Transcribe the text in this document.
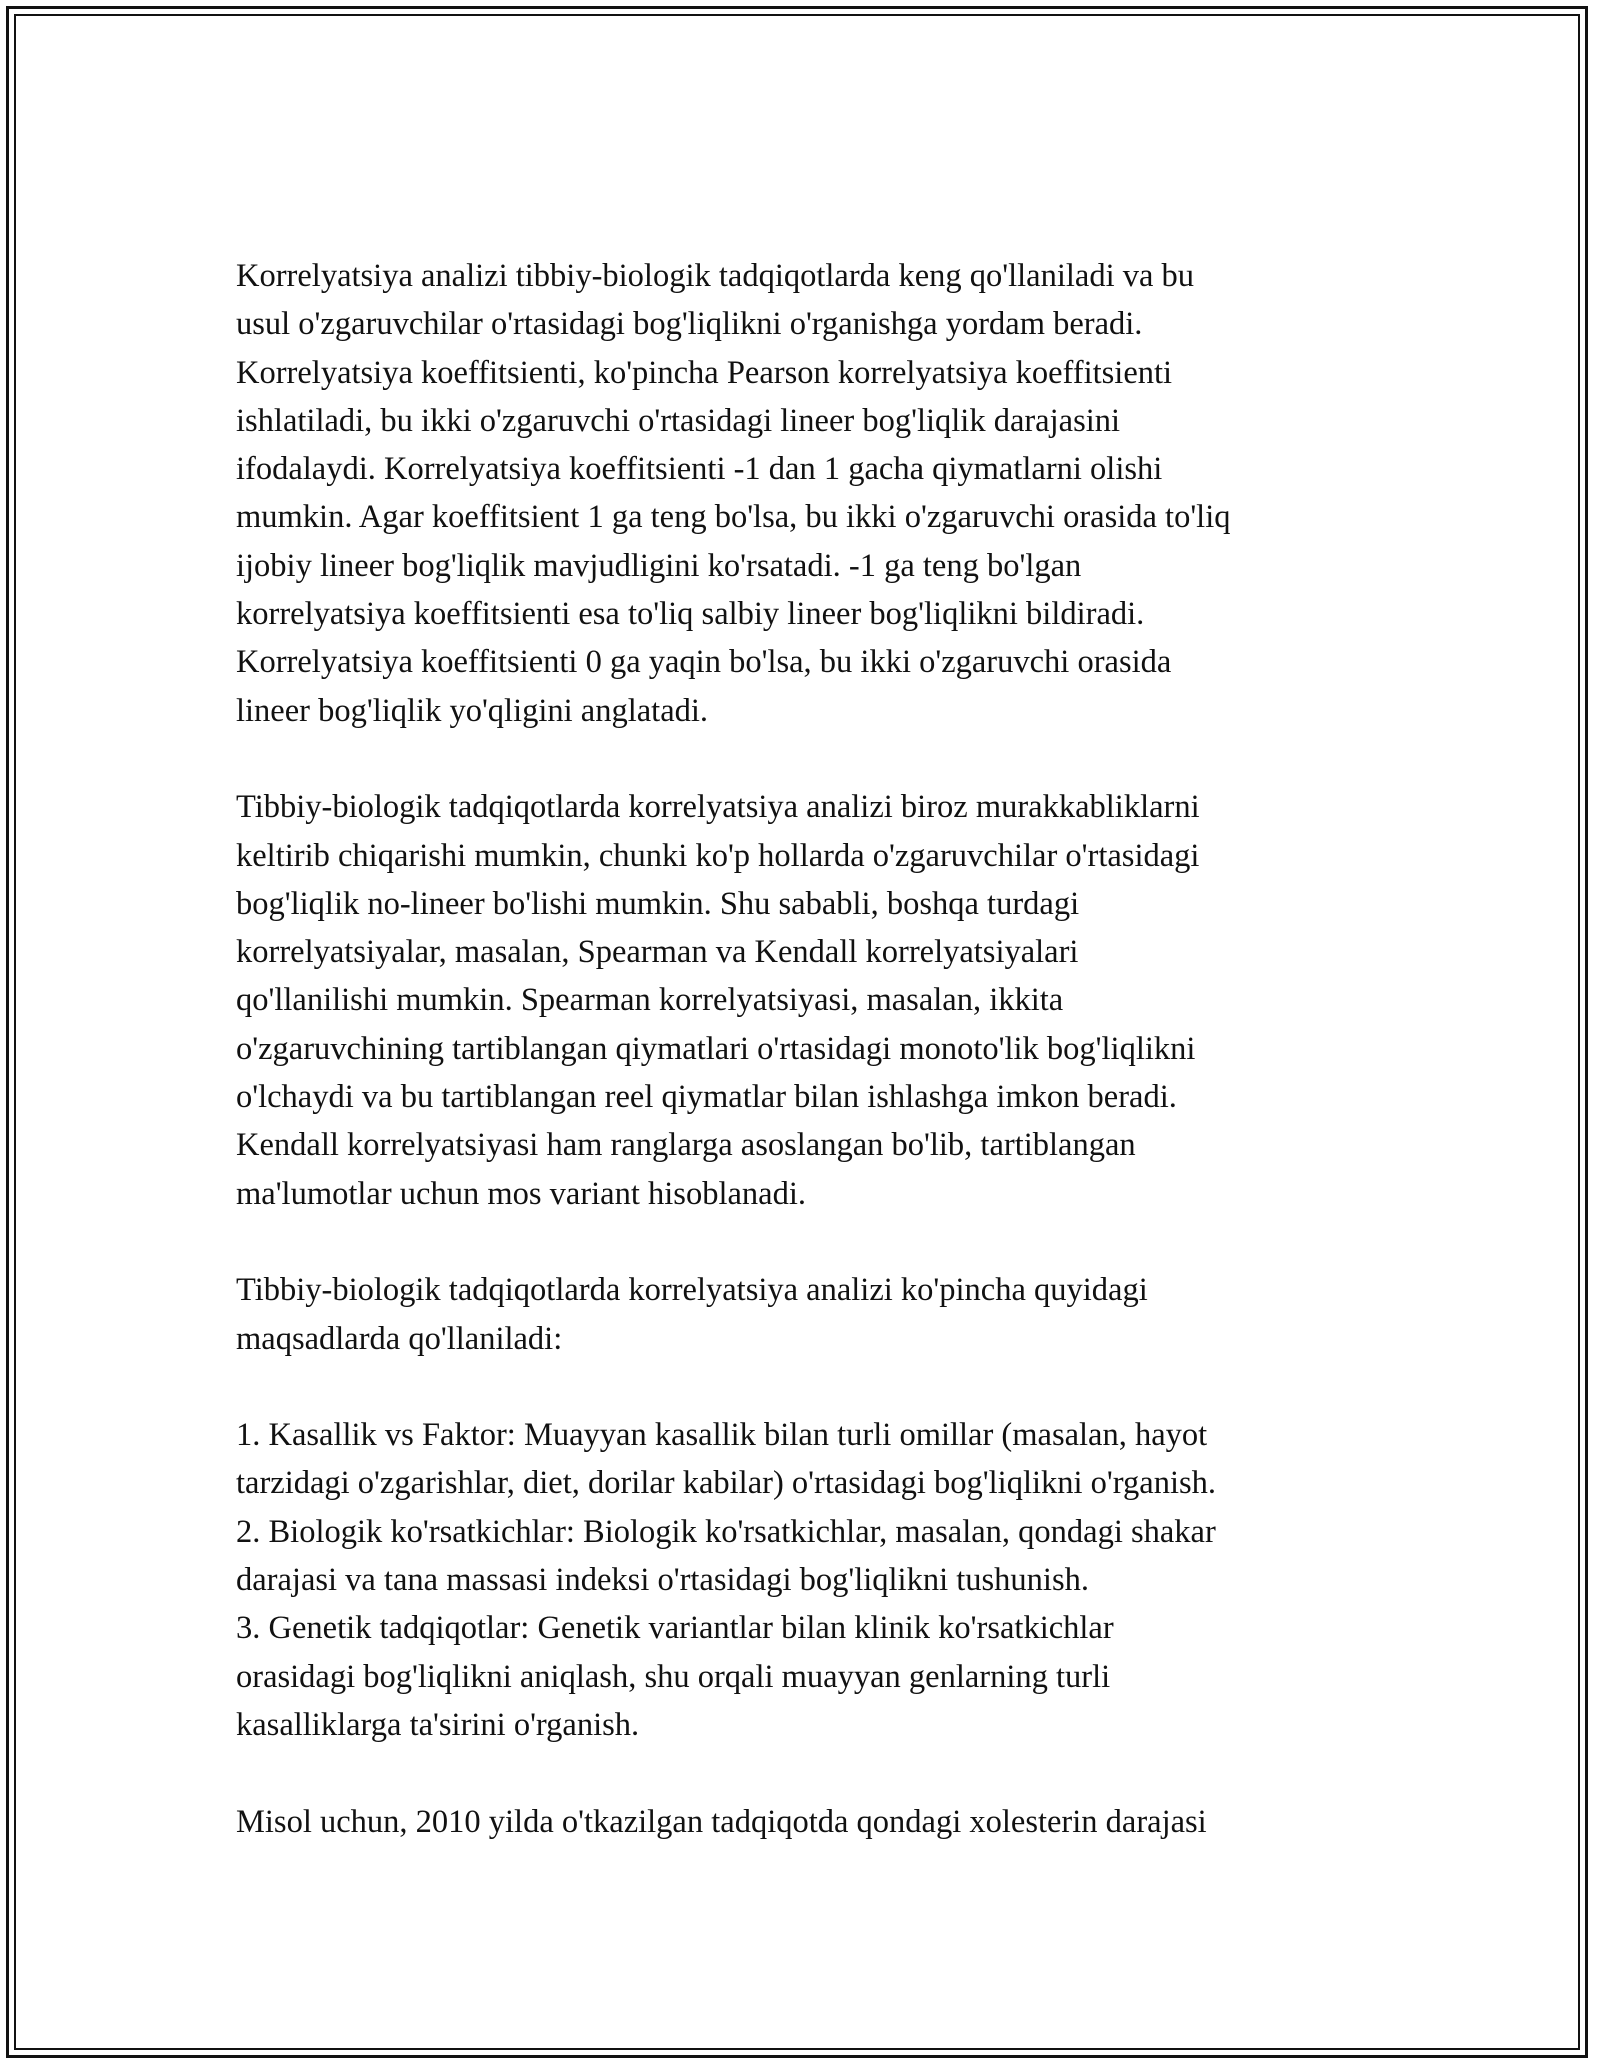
Korrelyatsiya analizi tibbiy-biologik tadqiqotlarda keng qo'llaniladi va bu
usul o'zgaruvchilar o'rtasidagi bog'liqlikni o'rganishga yordam beradi.
Korrelyatsiya koeffitsienti, ko'pincha Pearson korrelyatsiya koeffitsienti
ishlatiladi, bu ikki o'zgaruvchi o'rtasidagi lineer bog'liqlik darajasini
ifodalaydi. Korrelyatsiya koeffitsienti -1 dan 1 gacha qiymatlarni olishi
mumkin. Agar koeffitsient 1 ga teng bo'lsa, bu ikki o'zgaruvchi orasida to'liq
ijobiy lineer bog'liqlik mavjudligini ko'rsatadi. -1 ga teng bo'lgan
korrelyatsiya koeffitsienti esa to'liq salbiy lineer bog'liqlikni bildiradi.
Korrelyatsiya koeffitsienti 0 ga yaqin bo'lsa, bu ikki o'zgaruvchi orasida
lineer bog'liqlik yo'qligini anglatadi.
Tibbiy-biologik tadqiqotlarda korrelyatsiya analizi biroz murakkabliklarni
keltirib chiqarishi mumkin, chunki ko'p hollarda o'zgaruvchilar o'rtasidagi
bog'liqlik no-lineer bo'lishi mumkin. Shu sababli, boshqa turdagi
korrelyatsiyalar, masalan, Spearman va Kendall korrelyatsiyalari
qo'llanilishi mumkin. Spearman korrelyatsiyasi, masalan, ikkita
o'zgaruvchining tartiblangan qiymatlari o'rtasidagi monoto'lik bog'liqlikni
o'lchaydi va bu tartiblangan reel qiymatlar bilan ishlashga imkon beradi.
Kendall korrelyatsiyasi ham ranglarga asoslangan bo'lib, tartiblangan
ma'lumotlar uchun mos variant hisoblanadi.
Tibbiy-biologik tadqiqotlarda korrelyatsiya analizi ko'pincha quyidagi
maqsadlarda qo'llaniladi:
1. Kasallik vs Faktor: Muayyan kasallik bilan turli omillar (masalan, hayot
tarzidagi o'zgarishlar, diet, dorilar kabilar) o'rtasidagi bog'liqlikni o'rganish.
2. Biologik ko'rsatkichlar: Biologik ko'rsatkichlar, masalan, qondagi shakar
darajasi va tana massasi indeksi o'rtasidagi bog'liqlikni tushunish.
3. Genetik tadqiqotlar: Genetik variantlar bilan klinik ko'rsatkichlar
orasidagi bog'liqlikni aniqlash, shu orqali muayyan genlarning turli
kasalliklarga ta'sirini o'rganish.
Misol uchun, 2010 yilda o'tkazilgan tadqiqotda qondagi xolesterin darajasi
